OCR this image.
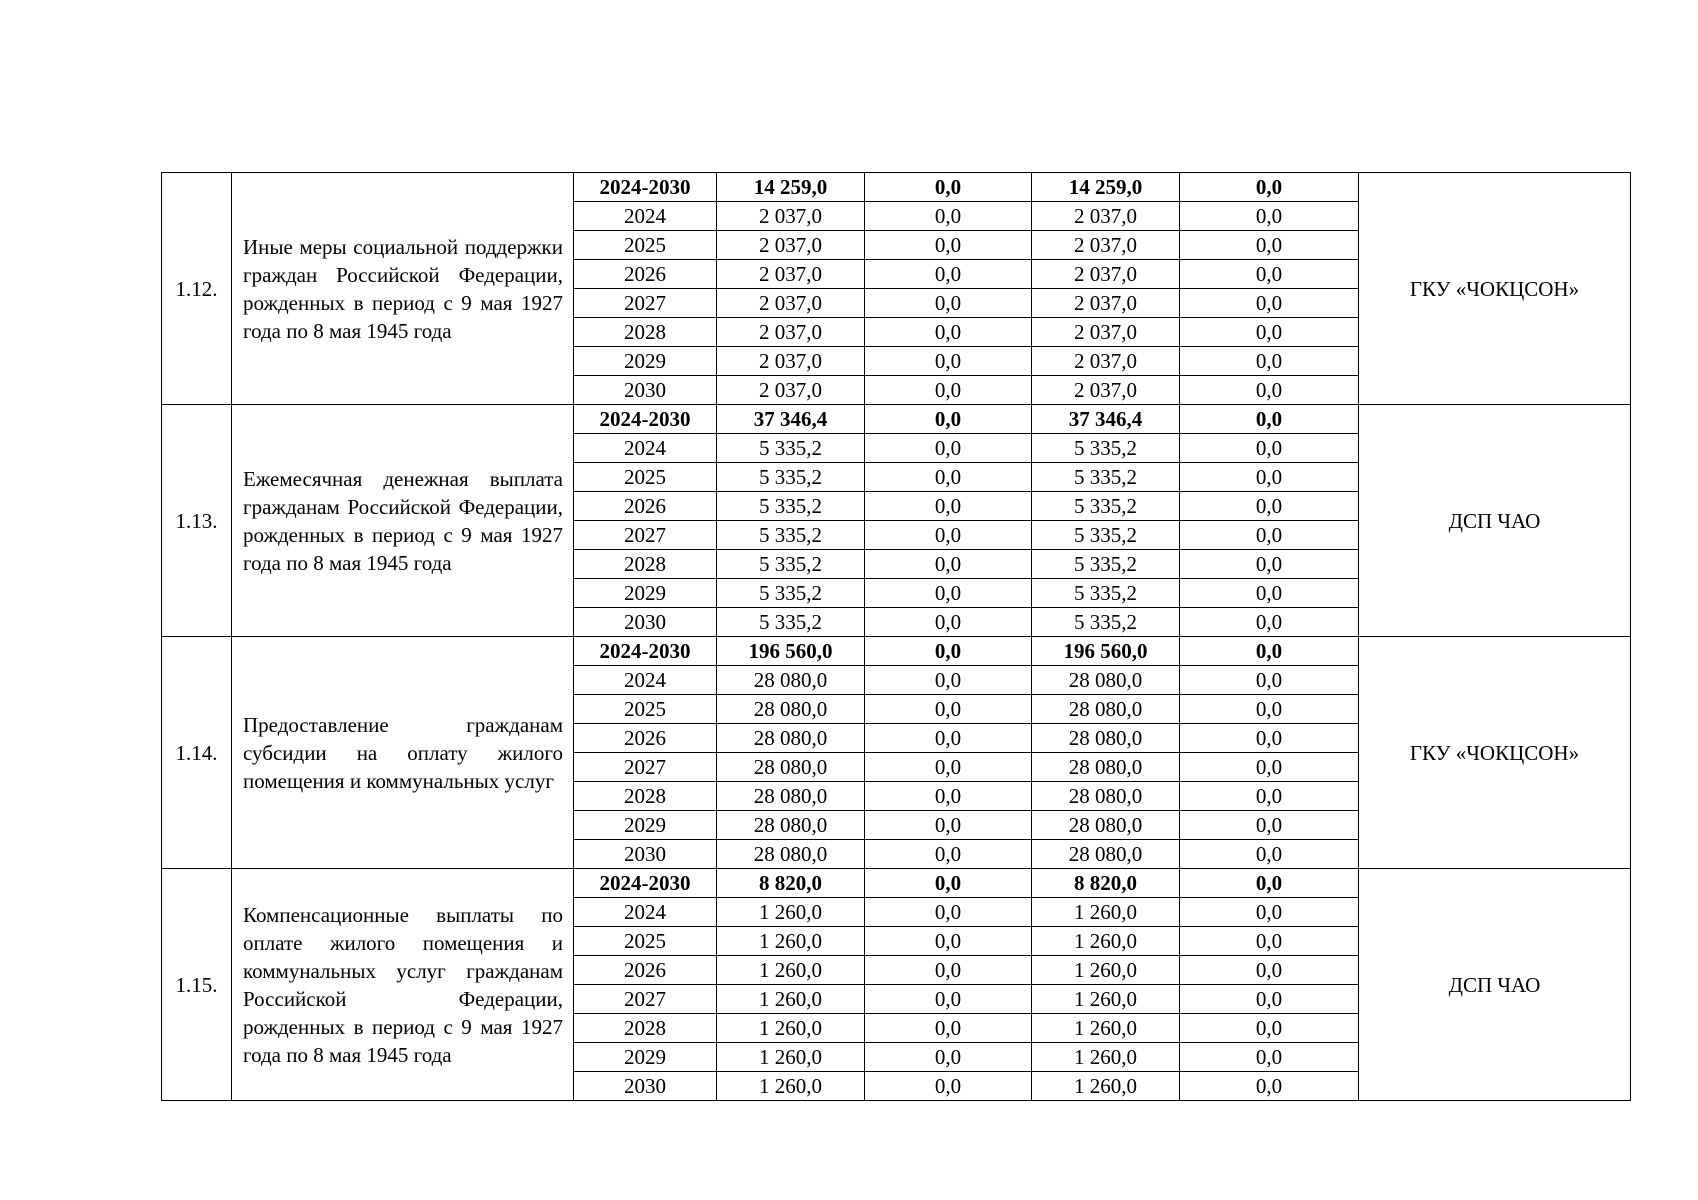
1.12.	Иные меры социальной поддержки граждан Российской Федерации, рожденных в период с 9 мая 1927 года по 8 мая 1945 года	2024-2030	14 259,0	0,0	14 259,0	0,0	ГКУ «ЧОКЦСОН»
		2024	2 037,0	0,0	2 037,0	0,0	
		2025	2 037,0	0,0	2 037,0	0,0	
		2026	2 037,0	0,0	2 037,0	0,0	
		2027	2 037,0	0,0	2 037,0	0,0	
		2028	2 037,0	0,0	2 037,0	0,0	
		2029	2 037,0	0,0	2 037,0	0,0	
		2030	2 037,0	0,0	2 037,0	0,0	
1.13.	Ежемесячная денежная выплата гражданам Российской Федерации, рожденных в период с 9 мая 1927 года по 8 мая 1945 года	2024-2030	37 346,4	0,0	37 346,4	0,0	ДСП ЧАО
		2024	5 335,2	0,0	5 335,2	0,0	
		2025	5 335,2	0,0	5 335,2	0,0	
		2026	5 335,2	0,0	5 335,2	0,0	
		2027	5 335,2	0,0	5 335,2	0,0	
		2028	5 335,2	0,0	5 335,2	0,0	
		2029	5 335,2	0,0	5 335,2	0,0	
		2030	5 335,2	0,0	5 335,2	0,0	
1.14.	Предоставление гражданам субсидии на оплату жилого помещения и коммунальных услуг	2024-2030	196 560,0	0,0	196 560,0	0,0	ГКУ «ЧОКЦСОН»
		2024	28 080,0	0,0	28 080,0	0,0	
		2025	28 080,0	0,0	28 080,0	0,0	
		2026	28 080,0	0,0	28 080,0	0,0	
		2027	28 080,0	0,0	28 080,0	0,0	
		2028	28 080,0	0,0	28 080,0	0,0	
		2029	28 080,0	0,0	28 080,0	0,0	
		2030	28 080,0	0,0	28 080,0	0,0	
1.15.	Компенсационные выплаты по оплате жилого помещения и коммунальных услуг гражданам Российской Федерации, рожденных в период с 9 мая 1927 года по 8 мая 1945 года	2024-2030	8 820,0	0,0	8 820,0	0,0	ДСП ЧАО
		2024	1 260,0	0,0	1 260,0	0,0	
		2025	1 260,0	0,0	1 260,0	0,0	
		2026	1 260,0	0,0	1 260,0	0,0	
		2027	1 260,0	0,0	1 260,0	0,0	
		2028	1 260,0	0,0	1 260,0	0,0	
		2029	1 260,0	0,0	1 260,0	0,0	
		2030	1 260,0	0,0	1 260,0	0,0	
